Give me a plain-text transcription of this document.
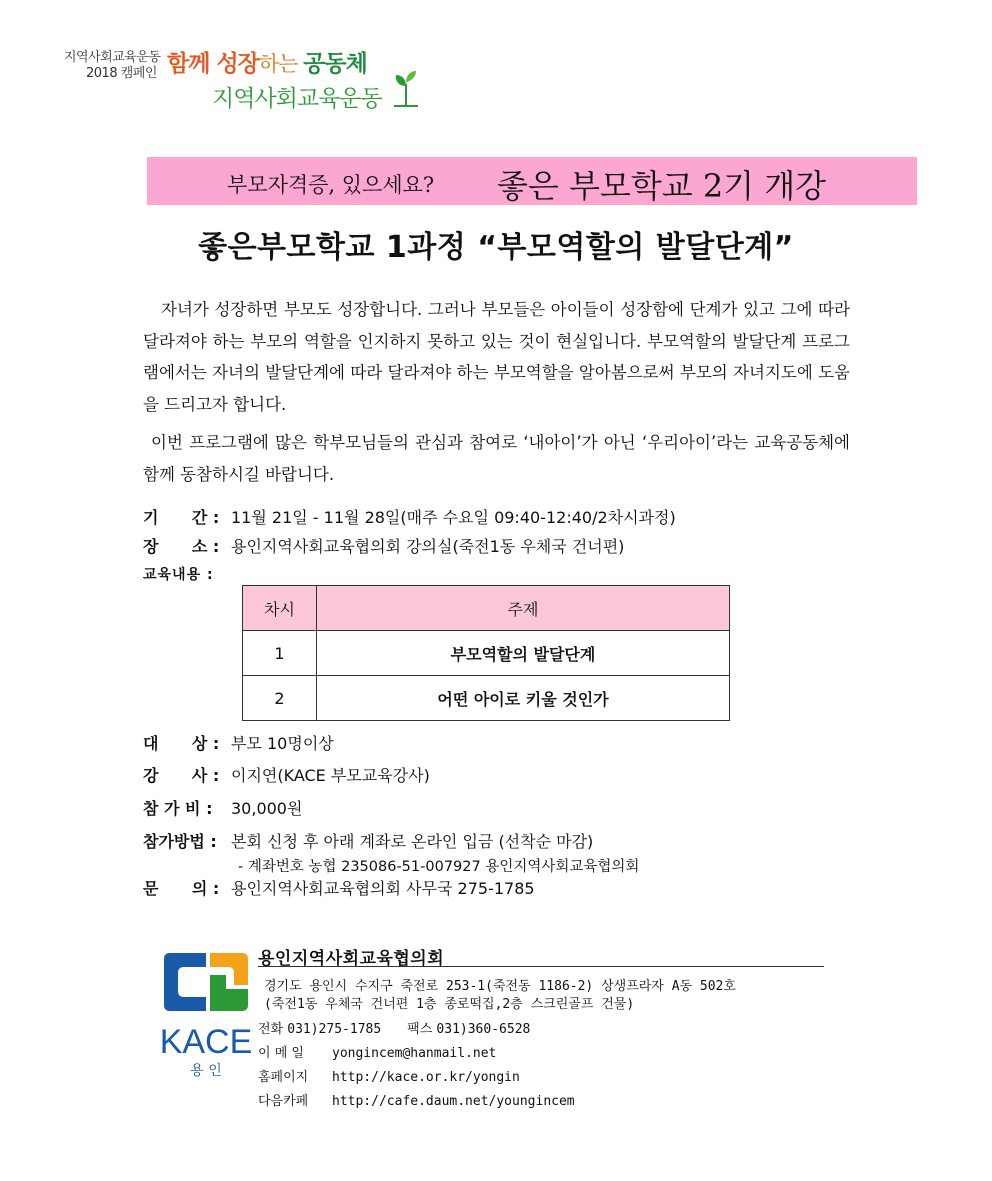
지역사회교육운동
2018 캠페인 함께 성장하는 공동체
지역사회교육운동
부모자격증, 있으세요? 좋은 부모학교 2기 개강
좋은부모학교 1과정 “부모역할의 발달단계”

자녀가 성장하면 부모도 성장합니다. 그러나 부모들은 아이들이 성장함에 단계가 있고 그에 따라 달라져야 하는 부모의 역할을 인지하지 못하고 있는 것이 현실입니다. 부모역할의 발달단계 프로그램에서는 자녀의 발달단계에 따라 달라져야 하는 부모역할을 알아봄으로써 부모의 자녀지도에 도움을 드리고자 합니다.

이번 프로그램에 많은 학부모님들의 관심과 참여로 ‘내아이’가 아닌 ‘우리아이’라는 교육공동체에 함께 동참하시길 바랍니다.

기      간 : 11월 21일 - 11월 28일(매주 수요일 09:40-12:40/2차시과정)
장      소 : 용인지역사회교육협의회 강의실(죽전1동 우체국 건너편)
교육내용 :
차시	주제
1	부모역할의 발달단계
2	어떤 아이로 키울 것인가
대      상 : 부모 10명이상
강      사 : 이지연(KACE 부모교육강사)
참 가 비 : 30,000원
참가방법 : 본회 신청 후 아래 계좌로 온라인 입금 (선착순 마감)
- 계좌번호 농협 235086-51-007927 용인지역사회교육협의회
문      의 : 용인지역사회교육협의회 사무국 275-1785
KACE
용 인
용인지역사회교육협의회
경기도 용인시 수지구 죽전로 253-1(죽전동 1186-2) 상생프라자 A동 502호
(죽전1동 우체국 건너편 1층 종로떡집,2층 스크린골프 건물)
전화 031)275-1785 팩스 031)360-6528
이 메 일 yongincem@hanmail.net
홈페이지 http://kace.or.kr/yongin
다음카페 http://cafe.daum.net/youngincem
